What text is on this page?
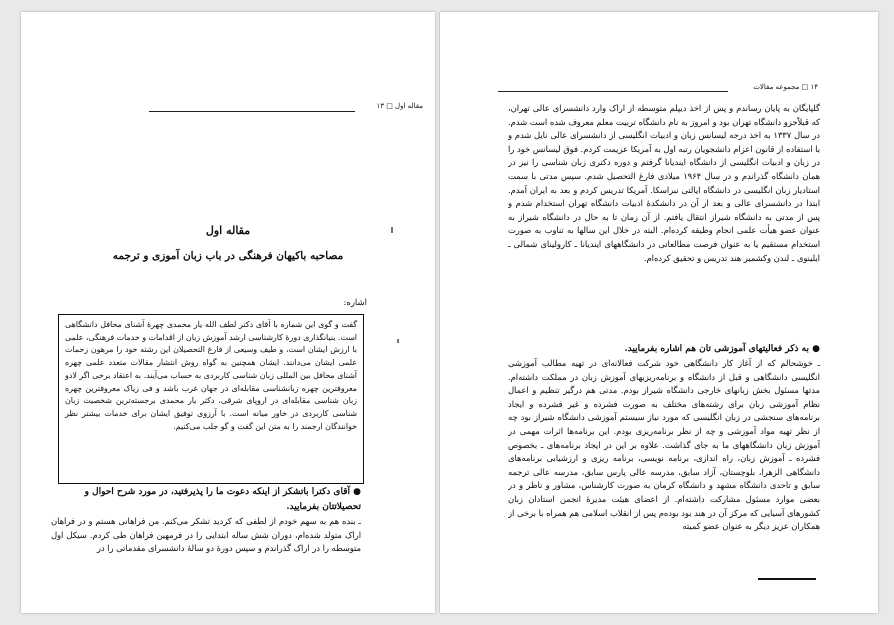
مقاله اول □ ۱۳
مقاله اول
مصاحبه باکیهان فرهنگی در باب زبان آموزی و ترجمه
اشاره:
گفت و گوی این شماره با آقای دکتر لطف الله یار محمدی چهرهٔ آشنای محافل دانشگاهی است. بنیانگذاری دورهٔ کارشناسی ارشد آموزش زبان از اقدامات و خدمات فرهنگی، علمی با ارزش ایشان است، و طیف وسیعی از فارغ التحصیلان این رشته خود را مرهون زحمات علمی ایشان می‌دانند. ایشان همچنین به گواه روش انتشار مقالات متعدد علمی چهره آشنای محافل بین المللی زبان شناسی کاربردی به حساب می‌آیند. به اعتقاد برخی اگر لادو معروفترین چهره زبانشناسی مقابله‌ای در جهان غرب باشد و فی زیاک معروفترین چهره زبان شناسی مقابله‌ای در اروپای شرقی، دکتر یار محمدی برجسته‌ترین شخصیت زبان شناسی کاربردی در خاور میانه است. با آرزوی توفیق ایشان برای خدمات بیشتر نظر خوانندگان ارجمند را به متن این گفت و گو جلب می‌کنیم.

● آقای دکترا باتشکر از اینکه دعوت ما را پذیرفتید، در مورد شرح احوال و تحصیلاتتان بفرمایید.

ـ بنده هم به سهم خودم از لطفی که کردید تشکر می‌کنم. من فراهانی هستم و در فراهان اراک متولد شده‌ام، دوران شش ساله ابتدایی را در فرمهین فراهان طی کردم. سیکل اول متوسطه را در اراک گذراندم و سپس دورهٔ دو سالهٔ دانشسرای مقدماتی را در

۱۴ □ مجموعه مقالات
گلپایگان به پایان رساندم و پس از اخذ دیپلم متوسطه از اراک وارد دانشسرای عالی تهران، که قبلاًجزو دانشگاه تهران بود و امروز به نام دانشگاه تربیت معلم معروف شده است شدم. در سال ۱۳۳۷ به اخذ درجه لیسانس زبان و ادبیات انگلیسی از دانشسرای عالی نایل شدم و با استفاده از قانون اعزام دانشجویان رتبه اول به آمریکا عزیمت کردم. فوق لیسانس خود را در زبان و ادبیات انگلیسی از دانشگاه ایندیانا گرفتم و دوره دکتری زبان شناسی را نیز در همان دانشگاه گذراندم و در سال ۱۹۶۴ میلادی فارغ التحصیل شدم. سپس مدتی با سمت استادیار زبان انگلیسی در دانشگاه ایالتی نبراسکا. آمریکا تدریس کردم و بعد به ایران آمدم. ابتدا در دانشسرای عالی و بعد از آن در دانشکدهٔ ادبیات دانشگاه تهران استخدام شدم و پس از مدتی به دانشگاه شیراز انتقال یافتم. از آن زمان تا به حال در دانشگاه شیراز به عنوان عضو هیأت علمی انجام وظیفه کرده‌ام. البته در خلال این سالها به تناوب به صورت استخدام مستقیم یا به عنوان فرصت مطالعاتی در دانشگاههای ایندیانا ـ کارولینای شمالی ـ ایلینوی ـ لندن وکشمیر هند تدریس و تحقیق کرده‌ام.

● به ذکر فعالیتهای آموزشی تان هم اشاره بفرمایید.

ـ خوشحالم که از آغاز کار دانشگاهی خود شرکت فعالانه‌ای در تهیه مطالب آموزشی انگلیسی دانشگاهی و قبل از دانشگاه و برنامه‌ریزیهای آموزش زبان در مملکت داشته‌ام. مدتها مسئول بخش زبانهای خارجی دانشگاه شیراز بودم. مدتی هم درگیر تنظیم و اعمال نظام آموزشی زبان برای رشته‌های مختلف به صورت فشرده و غیر فشرده و ایجاد برنامه‌های سنجشی در زبان انگلیسی که مورد نیاز سیستم آموزشی دانشگاه شیراز بود چه از نظر تهیه مواد آموزشی و چه از نظر برنامه‌ریزی بودم. این برنامه‌ها اثرات مهمی در آموزش زبان دانشگاههای ما به جای گذاشت. علاوه بر این در ایجاد برنامه‌های ـ بخصوص فشرده ـ آموزش زبان، راه اندازی، برنامه نویسی، برنامه ریزی و ارزشیابی برنامه‌های دانشگاهی الزهرا، بلوچستان، آزاد سابق، مدرسه عالی پارس سابق، مدرسه عالی ترجمه سابق و تاحدی دانشگاه مشهد و دانشگاه کرمان به صورت کارشناس، مشاور و ناظر و در بعضی موارد مسئول مشارکت داشته‌ام. از اعضای هیئت مدیرهٔ انجمن استادان زبان کشورهای آسیایی که مرکز آن در هند بود بوده‌م پس از انقلاب اسلامی هم همراه با برخی از همکاران عزیز دیگر به عنوان عضو کمیته
